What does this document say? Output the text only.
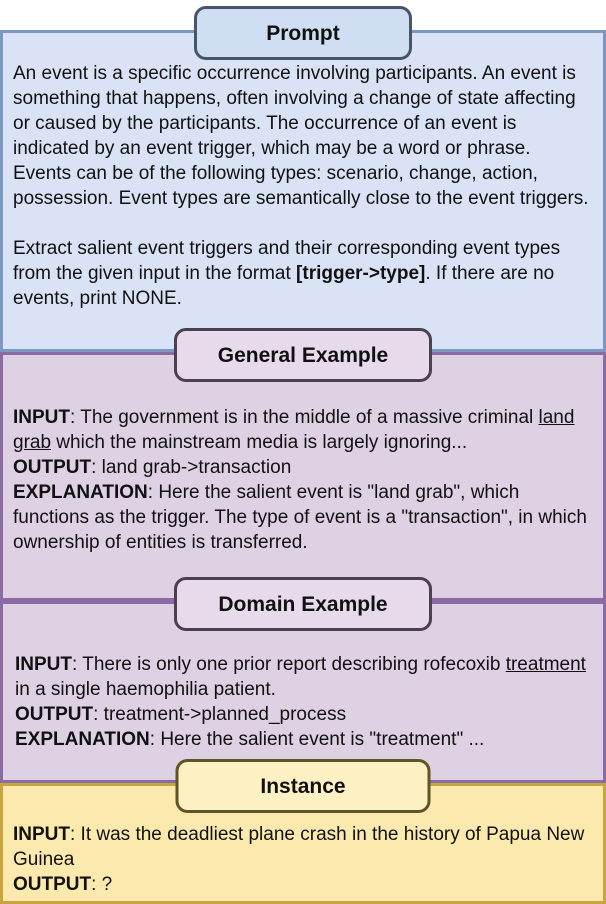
Prompt
An event is a specific occurrence involving participants. An event is something that happens, often involving a change of state affecting or caused by the participants. The occurrence of an event is indicated by an event trigger, which may be a word or phrase. Events can be of the following types: scenario, change, action, possession. Event types are semantically close to the event triggers.
Extract salient event triggers and their corresponding event types from the given input in the format [trigger->type]. If there are no events, print NONE.
General Example
INPUT: The government is in the middle of a massive criminal land grab which the mainstream media is largely ignoring...
OUTPUT: land grab->transaction
EXPLANATION: Here the salient event is "land grab", which functions as the trigger. The type of event is a "transaction", in which ownership of entities is transferred.
Domain Example
INPUT: There is only one prior report describing rofecoxib treatment in a single haemophilia patient.
OUTPUT: treatment->planned_process
EXPLANATION: Here the salient event is "treatment" ...
Instance
INPUT: It was the deadliest plane crash in the history of Papua New Guinea
OUTPUT: ?
